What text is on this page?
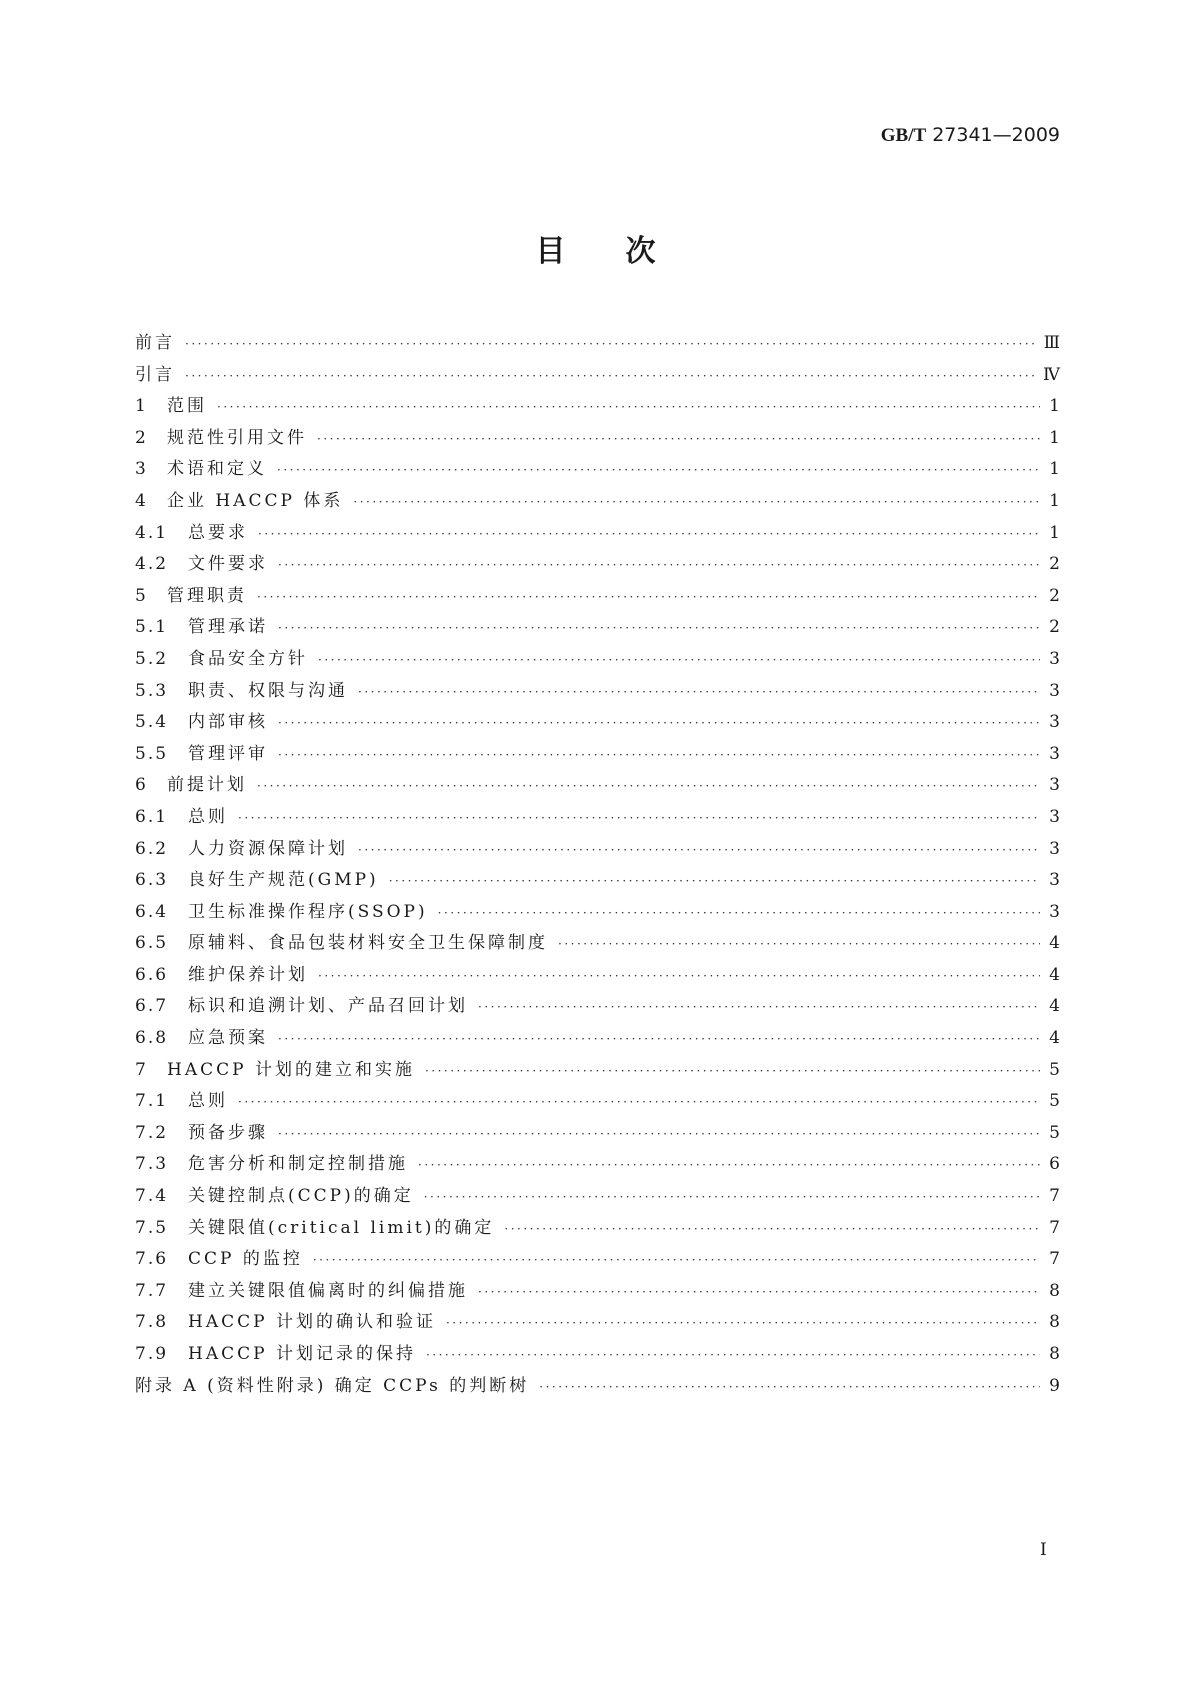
GB/T 27341—2009
目次
前言 ·····	Ⅲ
引言 ·····	Ⅳ
1	范围 ·····	1
2	规范性引用文件 ·····	1
3	术语和定义 ·····	1
4	企业 HACCP 体系 ·····	1
4.1	总要求 ·····	1
4.2	文件要求 ·····	2
5	管理职责 ·····	2
5.1	管理承诺 ·····	2
5.2	食品安全方针 ·····	3
5.3	职责、权限与沟通 ·····	3
5.4	内部审核 ·····	3
5.5	管理评审 ·····	3
6	前提计划 ·····	3
6.1	总则 ·····	3
6.2	人力资源保障计划 ·····	3
6.3	良好生产规范(GMP) ·····	3
6.4	卫生标准操作程序(SSOP) ·····	3
6.5	原辅料、食品包装材料安全卫生保障制度 ·····	4
6.6	维护保养计划 ·····	4
6.7	标识和追溯计划、产品召回计划 ·····	4
6.8	应急预案 ·····	4
7	HACCP 计划的建立和实施 ·····	5
7.1	总则 ·····	5
7.2	预备步骤 ·····	5
7.3	危害分析和制定控制措施 ·····	6
7.4	关键控制点(CCP)的确定 ·····	7
7.5	关键限值(critical limit)的确定 ·····	7
7.6	CCP 的监控 ·····	7
7.7	建立关键限值偏离时的纠偏措施 ·····	8
7.8	HACCP 计划的确认和验证 ·····	8
7.9	HACCP 计划记录的保持 ·····	8
附录 A (资料性附录) 确定 CCPs 的判断树 ·····	9
I
